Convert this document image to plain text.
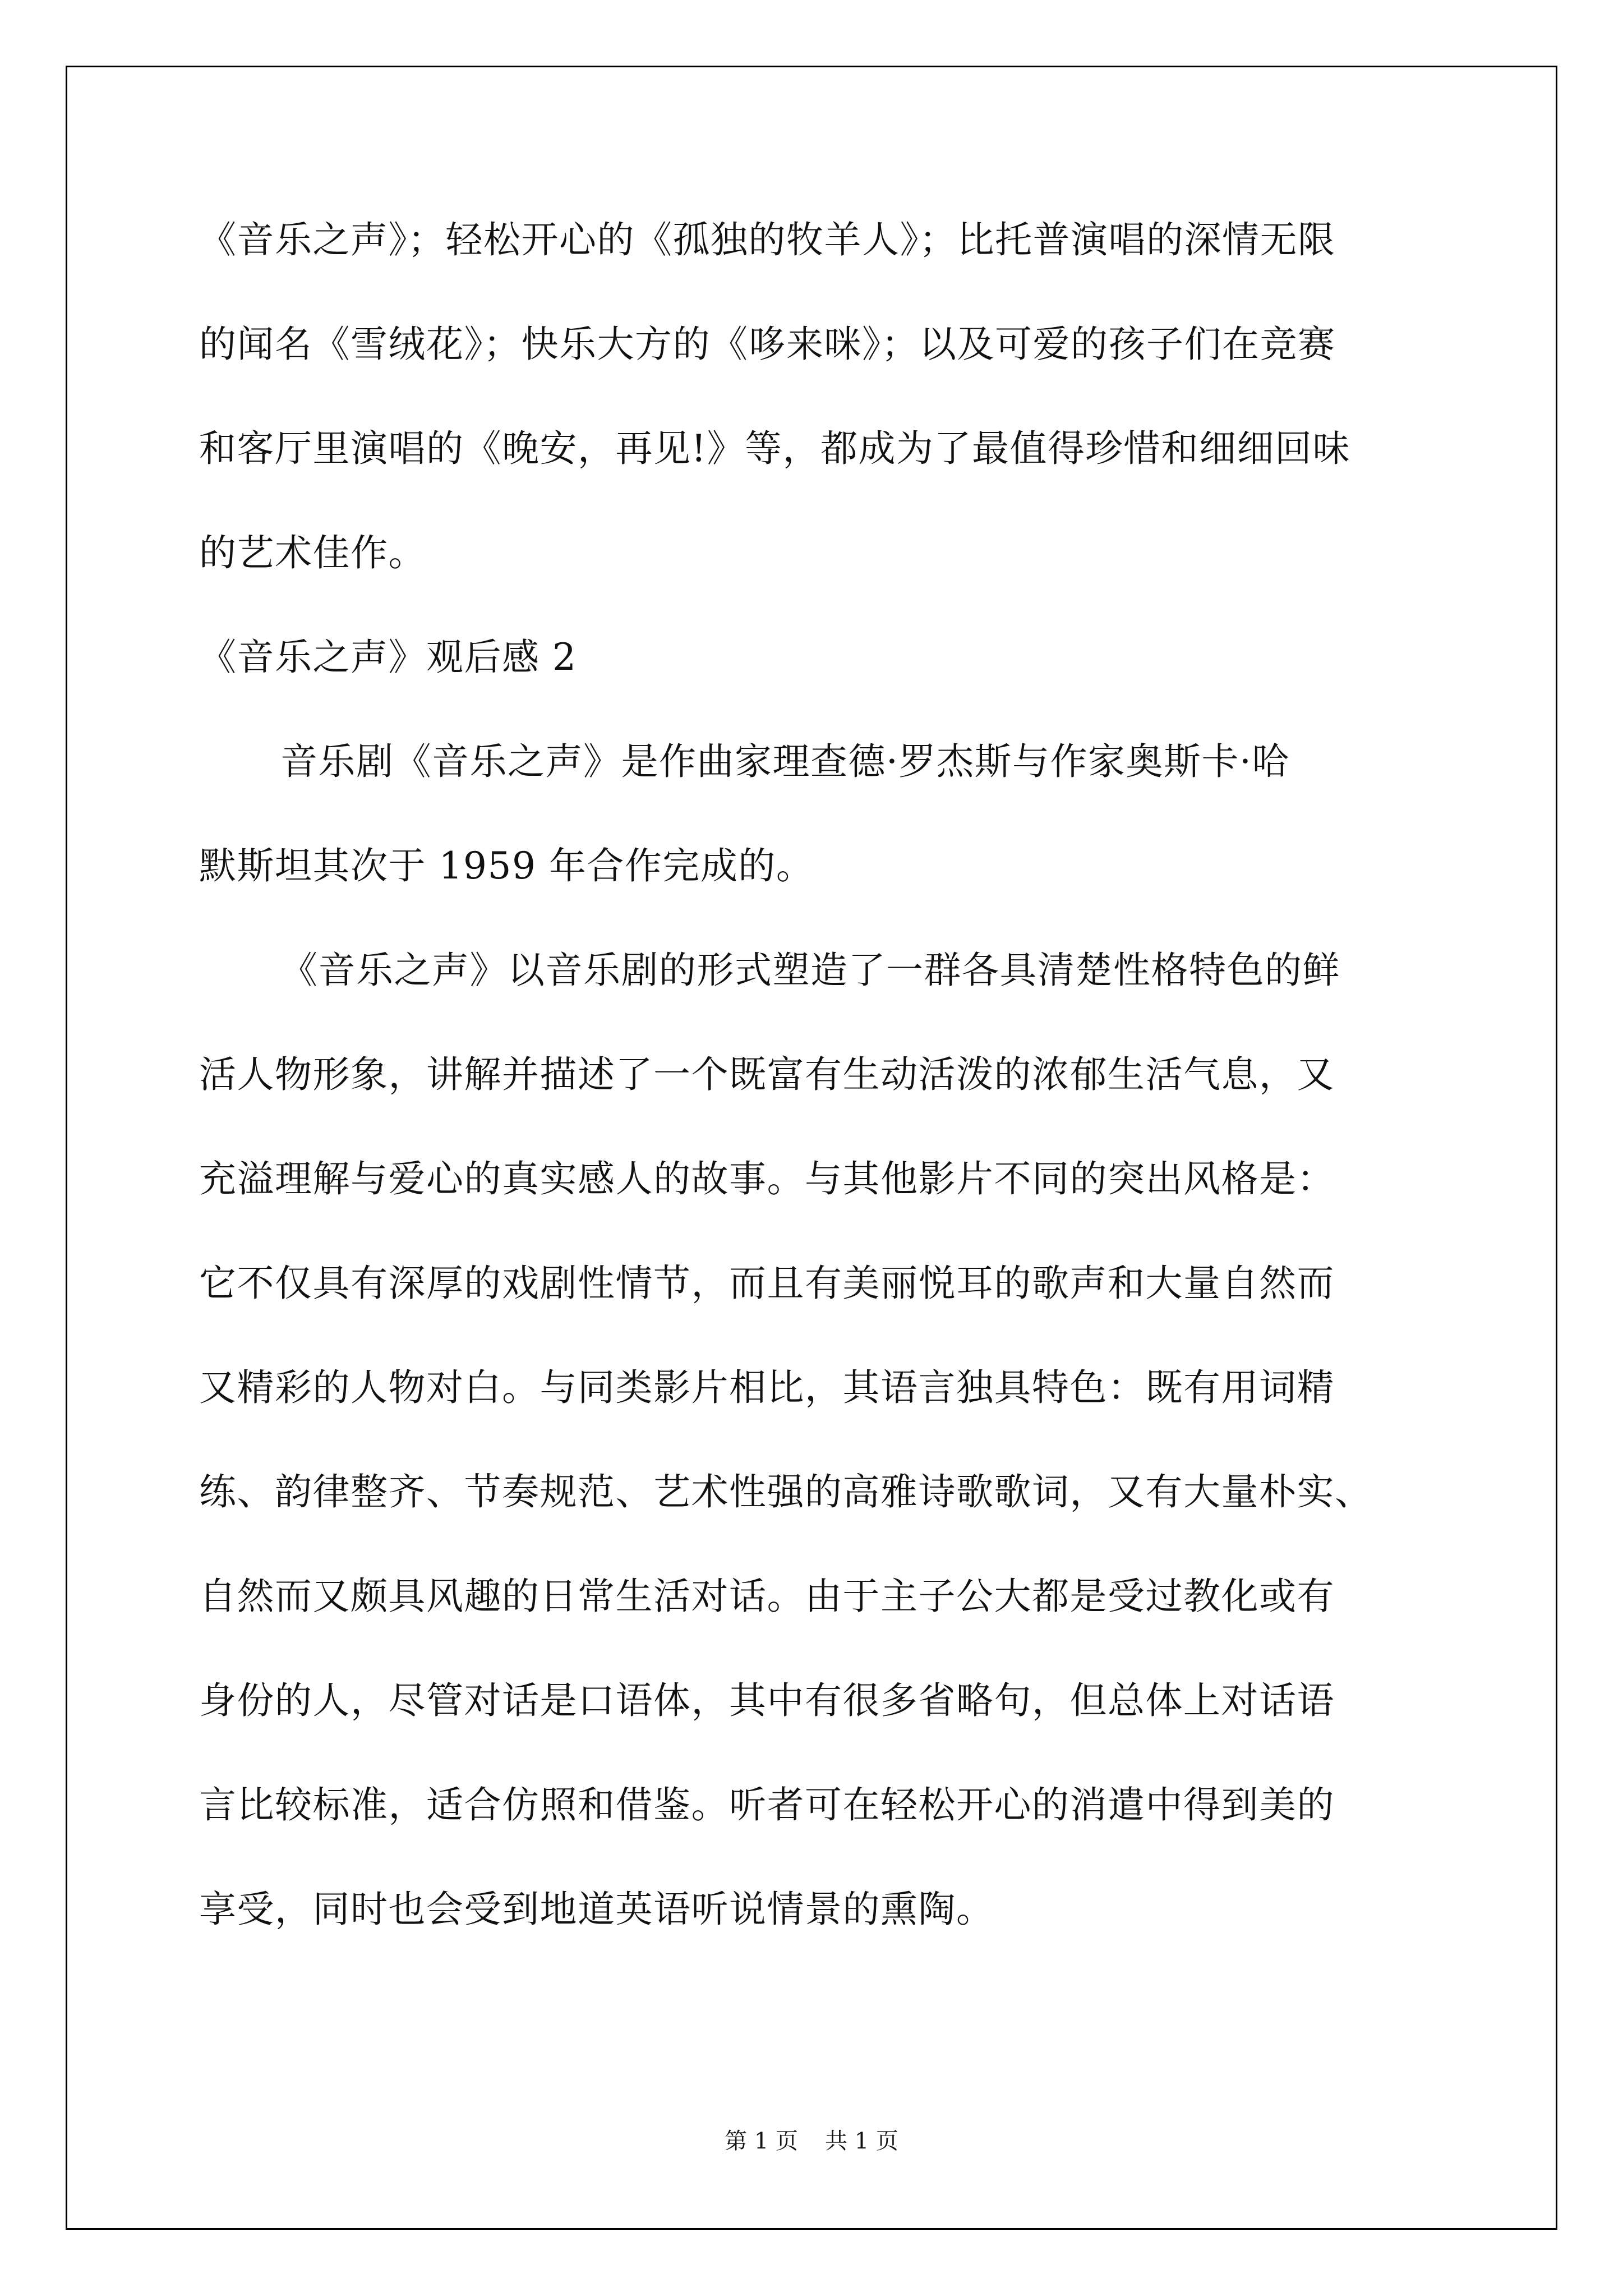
《音乐之声》；轻松开心的《孤独的牧羊人》；比托普演唱的深情无限
的闻名《雪绒花》；快乐大方的《哆来咪》；以及可爱的孩子们在竞赛
和客厅里演唱的《晚安，再见!》等，都成为了最值得珍惜和细细回味
的艺术佳作。
《音乐之声》观后感 2
音乐剧《音乐之声》是作曲家理查德·罗杰斯与作家奥斯卡·哈
默斯坦其次于 1959 年合作完成的。
《音乐之声》以音乐剧的形式塑造了一群各具清楚性格特色的鲜
活人物形象，讲解并描述了一个既富有生动活泼的浓郁生活气息，又
充溢理解与爱心的真实感人的故事。与其他影片不同的突出风格是：
它不仅具有深厚的戏剧性情节，而且有美丽悦耳的歌声和大量自然而
又精彩的人物对白。与同类影片相比，其语言独具特色：既有用词精
练、韵律整齐、节奏规范、艺术性强的高雅诗歌歌词，又有大量朴实、
自然而又颇具风趣的日常生活对话。由于主子公大都是受过教化或有
身份的人，尽管对话是口语体，其中有很多省略句，但总体上对话语
言比较标准，适合仿照和借鉴。听者可在轻松开心的消遣中得到美的
享受，同时也会受到地道英语听说情景的熏陶。
第 1 页 共 1 页
